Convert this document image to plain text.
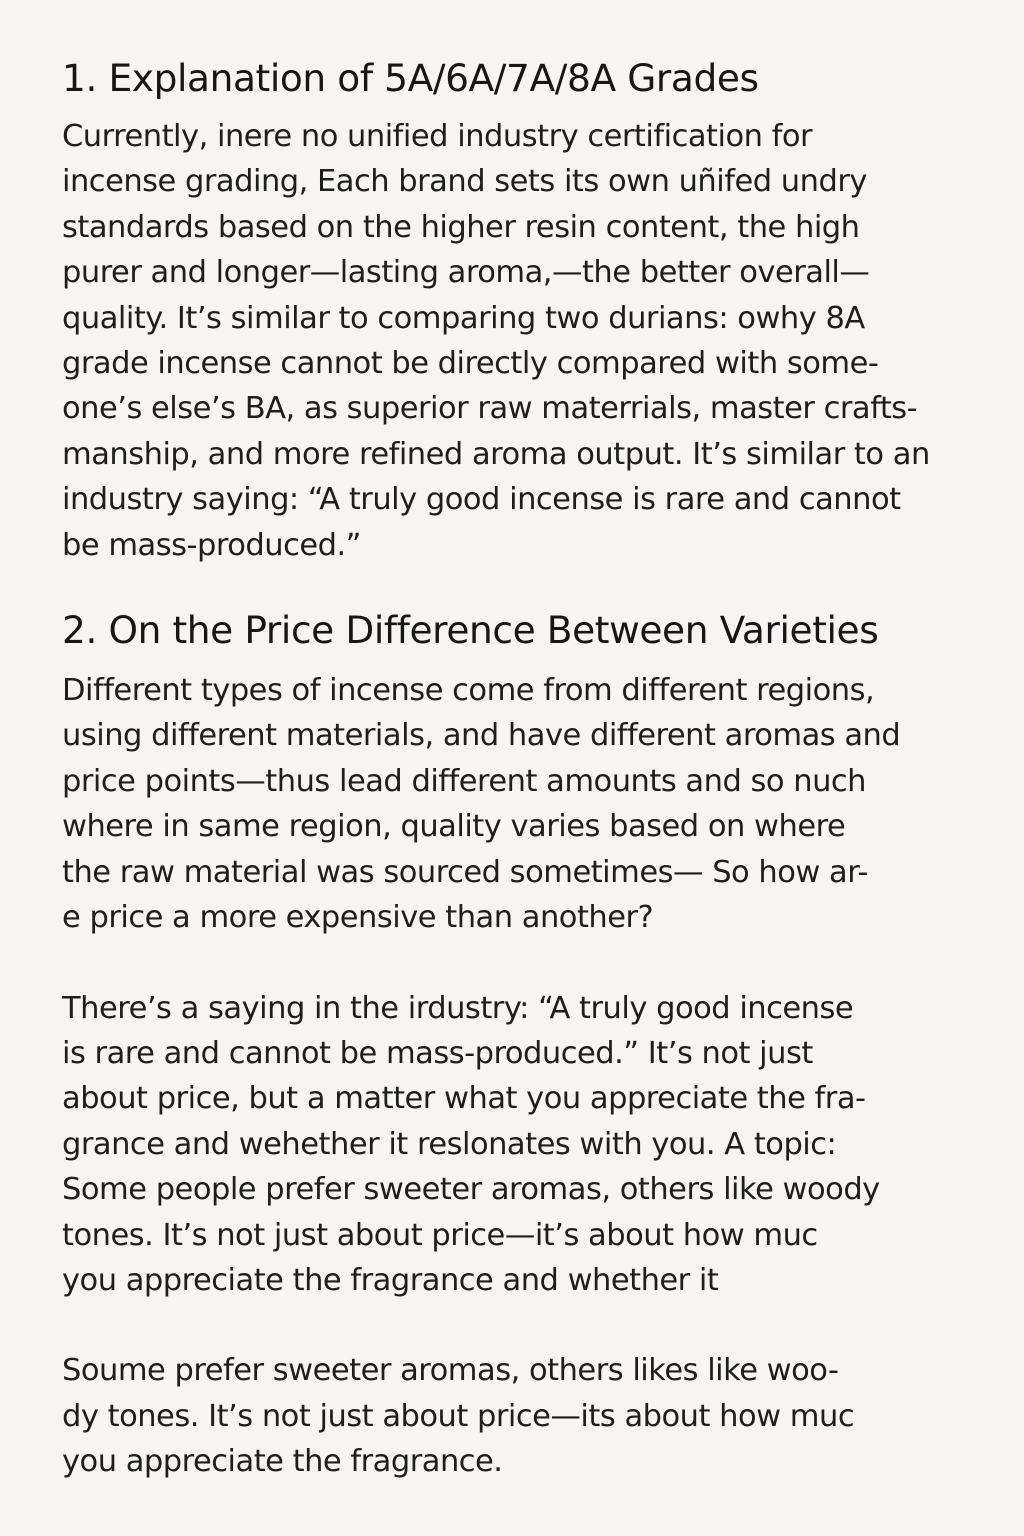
1. Explanation of 5A/6A/7A/8A Grades
Currently, inere no unified industry certification for
incense grading, Each brand sets its own uñifed undry
standards based on the higher resin content, the high
purer and longer—lasting aroma,—the better overall—
quality. It’s similar to comparing two durians: owhy 8A
grade incense cannot be directly compared with some-
one’s else’s BA, as superior raw materrials, master crafts-
manship, and more refined aroma output. It’s similar to an
industry saying: “A truly good incense is rare and cannot
be mass-produced.”
2. On the Price Difference Between Varieties
Different types of incense come from different regions,
using different materials, and have different aromas and
price points—thus lead different amounts and so nuch
where in same region, quality varies based on where
the raw material was sourced sometimes— So how ar-
e price a more expensive than another?
There’s a saying in the irdustry: “A truly good incense
is rare and cannot be mass-produced.” It’s not just
about price, but a matter what you appreciate the fra-
grance and wehether it reslonates with you. A topic:
Some people prefer sweeter aromas, others like woody
tones. It’s not just about price—it’s about how muc
you appreciate the fragrance and whether it
Soume prefer sweeter aromas, others likes like woo-
dy tones. It’s not just about price—its about how muc
you appreciate the fragrance.
